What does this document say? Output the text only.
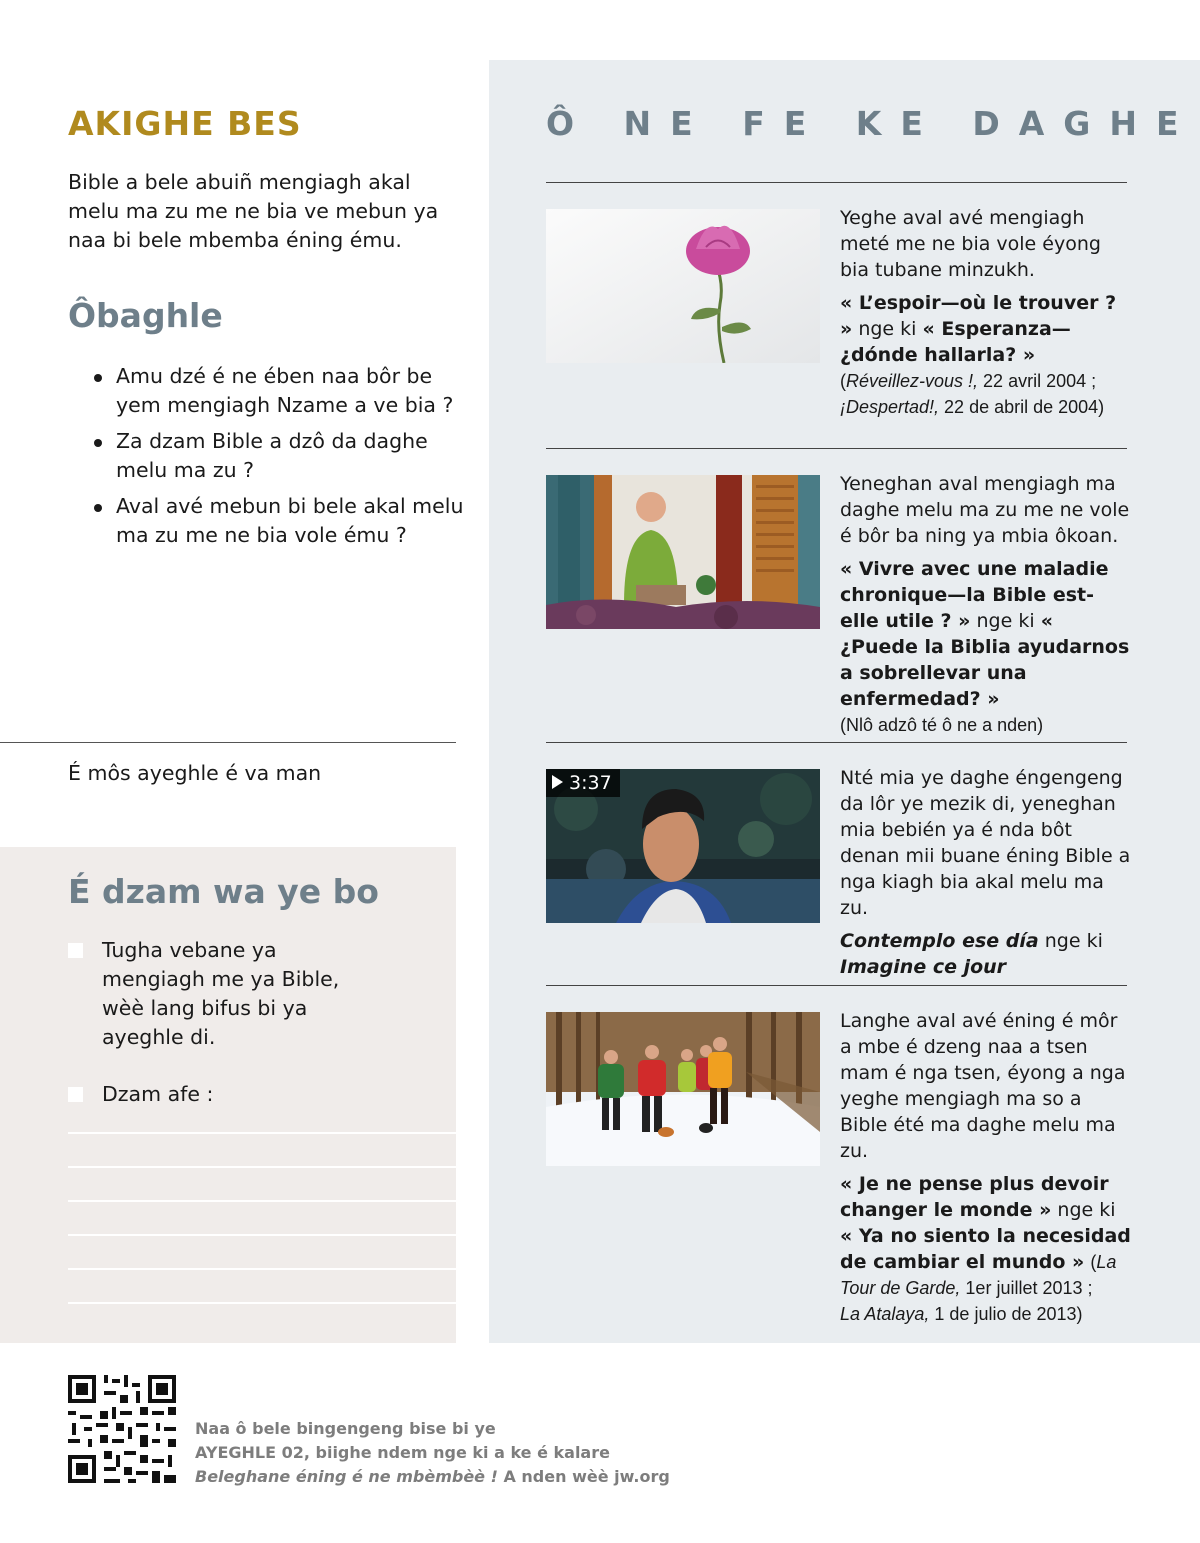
AKIGHE BES

Bible a bele abuiñ mengiagh akal melu ma zu me ne bia ve mebun ya naa bi bele mbemba éning ému.

Ôbaghle
Amu dzé é ne ében naa bôr be yem mengiagh Nzame a ve bia ?
Za dzam Bible a dzô da daghe melu ma zu ?
Aval avé mebun bi bele akal melu ma zu me ne bia vole ému ?

É môs ayeghle é va man

É dzam wa ye bo
Tugha vebane ya mengiagh me ya Bible, wèè lang bifus bi ya ayeghle di.
Dzam afe :
Ô NE FE KE DAGHE

Yeghe aval avé mengiagh meté me ne bia vole éyong bia tubane minzukh.

« L’espoir—où le trouver ? » nge ki « Esperanza—¿dónde hallarla? »

(Réveillez-vous !, 22 avril 2004 ;
¡Despertad!, 22 de abril de 2004)

Yeneghan aval mengiagh ma daghe melu ma zu me ne vole é bôr ba ning ya mbia ôkoan.

« Vivre avec une maladie chronique—la Bible est-elle utile ? » nge ki « ¿Puede la Biblia ayudarnos a sobrellevar una enfermedad? »

(Nlô adzô té ô ne a nden)

3:37	Nté mia ye daghe éngengeng da lôr ye mezik di, yeneghan mia bebién ya é nda bôt denan mii buane éning Bible a nga kiagh bia akal melu ma zu.

Contemplo ese día nge ki Imagine ce jour

Langhe aval avé éning é môr a mbe é dzeng naa a tsen mam é nga tsen, éyong a nga yeghe mengiagh ma so a Bible été ma daghe melu ma zu.

« Je ne pense plus devoir changer le monde » nge ki
« Ya no siento la necesidad de cambiar el mundo » (La Tour de Garde, 1er juillet 2013 ;
La Atalaya, 1 de julio de 2013)

Naa ô bele bingengeng bise bi ye

AYEGHLE 02, biighe ndem nge ki a ke é kalare

Beleghane éning é ne mbèmbèè ! A nden wèè jw.org
